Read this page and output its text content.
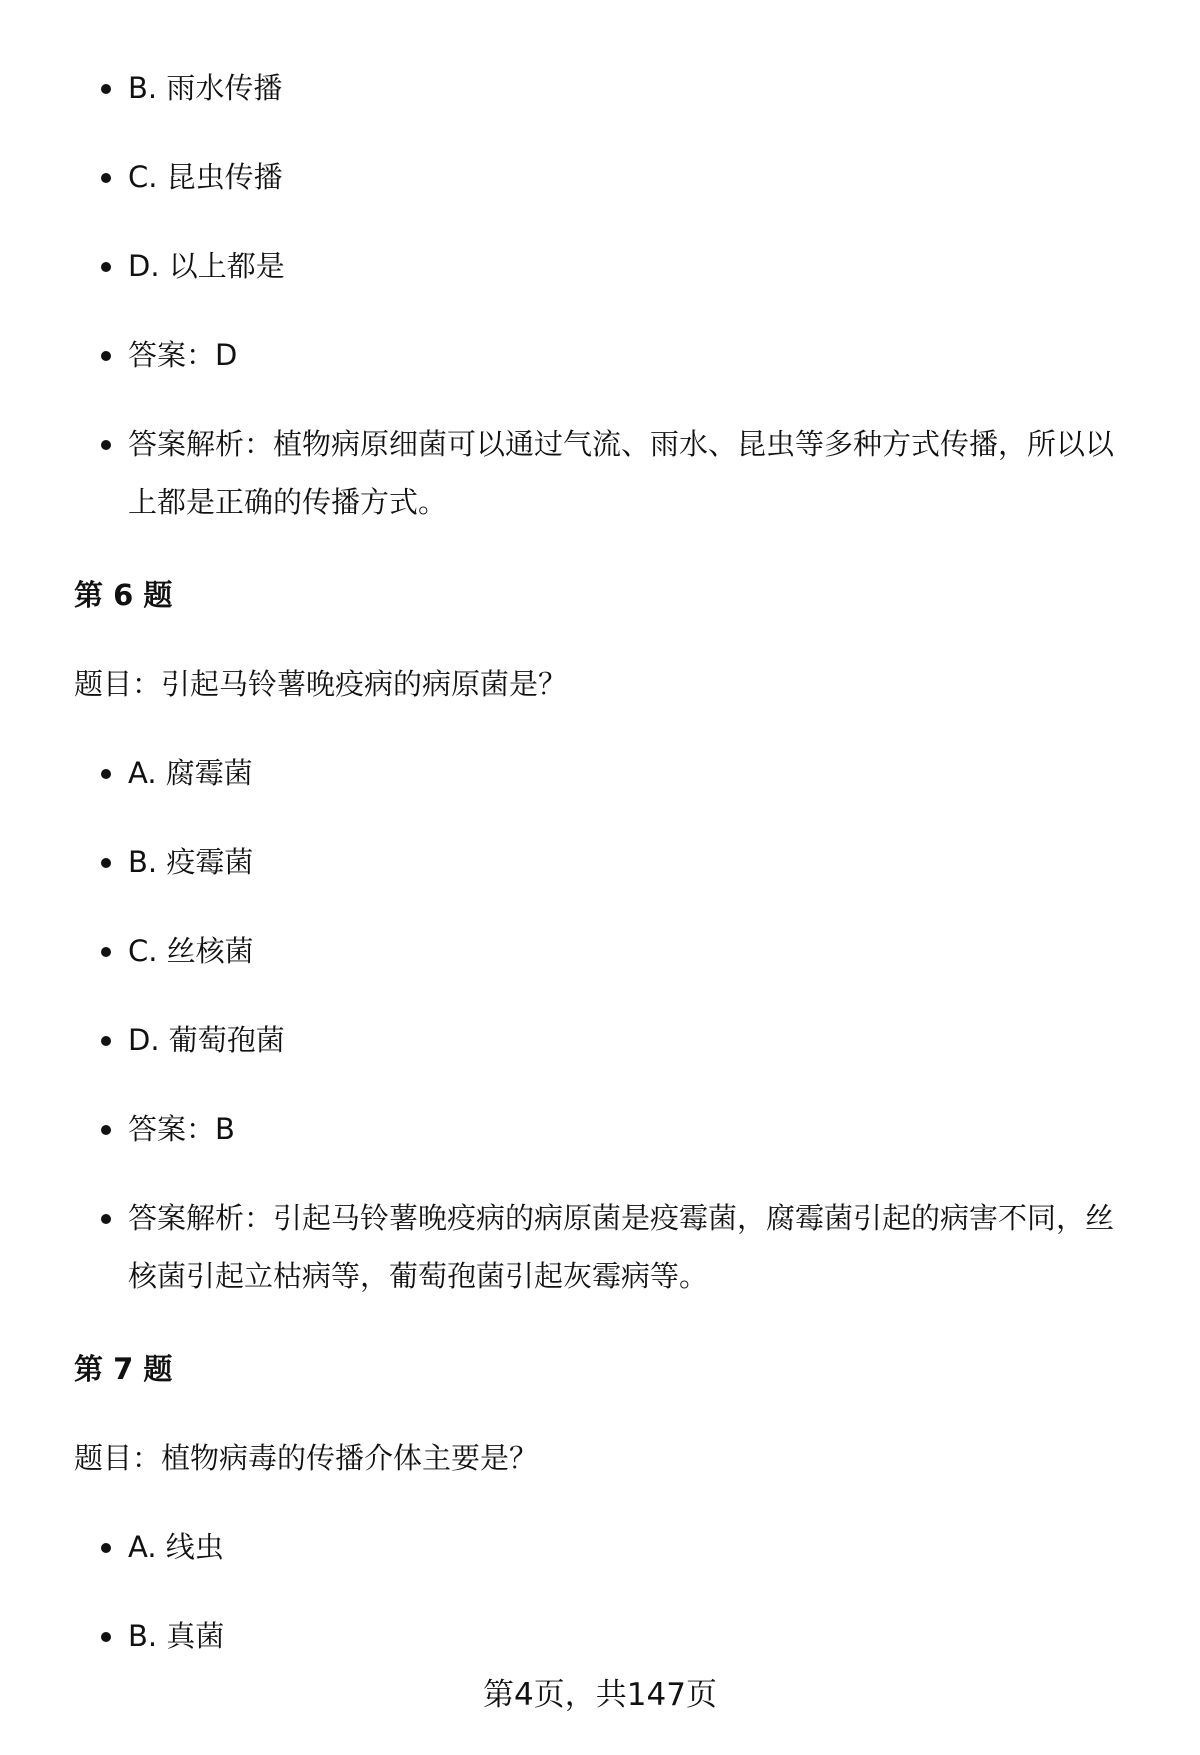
B. 雨水传播
C. 昆虫传播
D. 以上都是
答案：D
答案解析：植物病原细菌可以通过气流、雨水、昆虫等多种方式传播，所以以
上都是正确的传播方式。
第 6 题
题目：引起马铃薯晚疫病的病原菌是？
A. 腐霉菌
B. 疫霉菌
C. 丝核菌
D. 葡萄孢菌
答案：B
答案解析：引起马铃薯晚疫病的病原菌是疫霉菌，腐霉菌引起的病害不同，丝
核菌引起立枯病等，葡萄孢菌引起灰霉病等。
第 7 题
题目：植物病毒的传播介体主要是？
A. 线虫
B. 真菌
第4页，共147页
